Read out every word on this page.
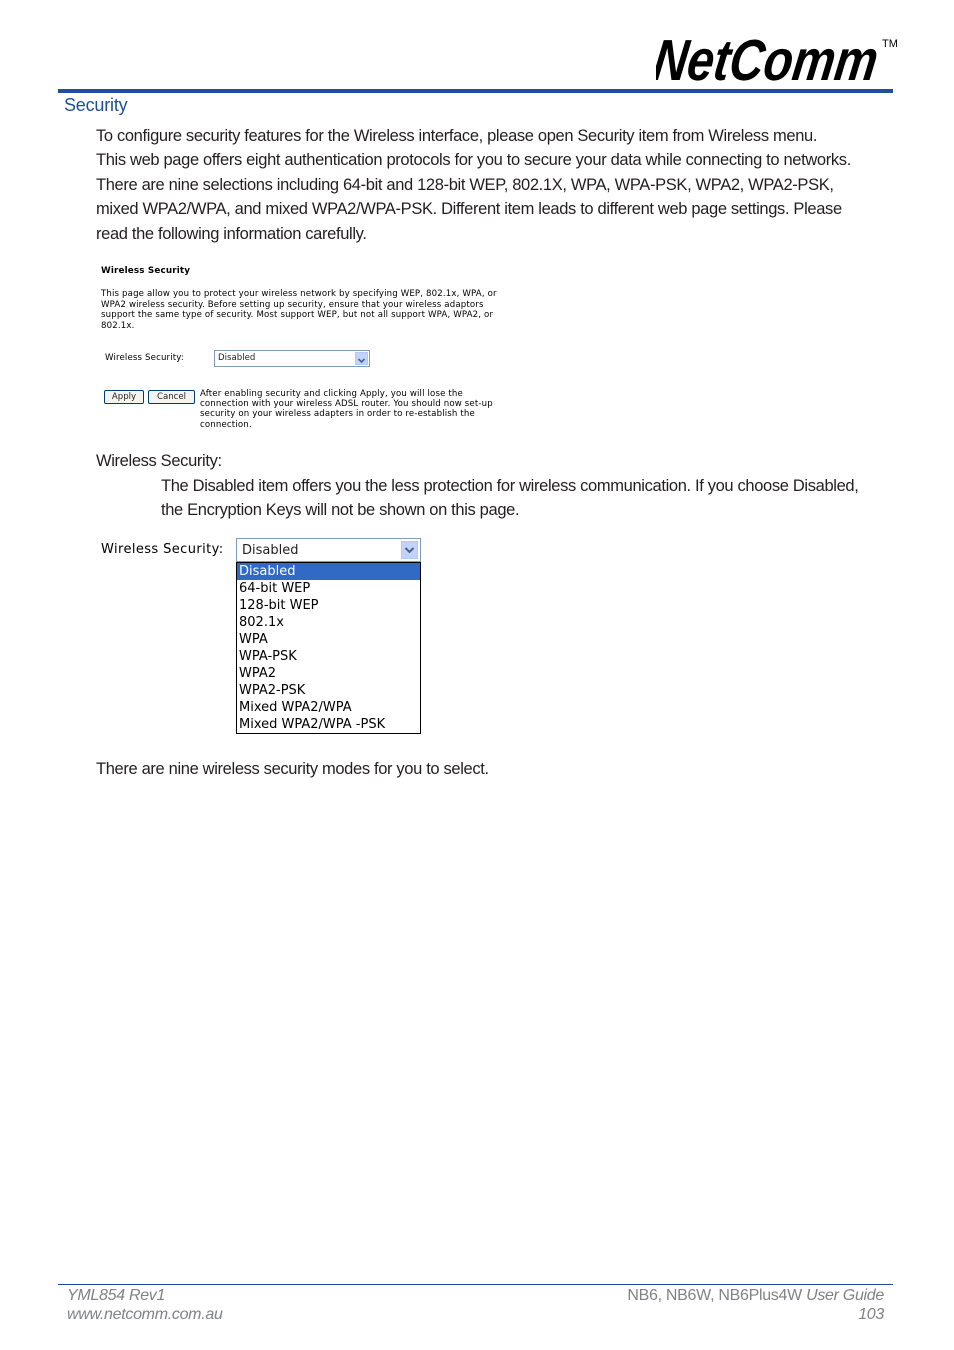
NetComm
TM
Security
To configure security features for the Wireless interface, please open Security item from Wireless menu.
This web page offers eight authentication protocols for you to secure your data while connecting to networks.
There are nine selections including 64-bit and 128-bit WEP, 802.1X, WPA, WPA-PSK, WPA2, WPA2-PSK,
mixed WPA2/WPA, and mixed WPA2/WPA-PSK. Different item leads to different web page settings. Please
read the following information carefully.
Wireless Security
This page allow you to protect your wireless network by specifying WEP, 802.1x, WPA, or
WPA2 wireless security. Before setting up security, ensure that your wireless adaptors
support the same type of security. Most support WEP, but not all support WPA, WPA2, or
802.1x.
Wireless Security:	Disabled
Apply	Cancel	After enabling security and clicking Apply, you will lose the
connection with your wireless ADSL router. You should now set-up
security on your wireless adapters in order to re-establish the
connection.
Wireless Security:
The Disabled item offers you the less protection for wireless communication. If you choose Disabled,
the Encryption Keys will not be shown on this page.
Wireless Security: Disabled
Disabled
64-bit WEP
128-bit WEP
802.1x
WPA
WPA-PSK
WPA2
WPA2-PSK
Mixed WPA2/WPA
Mixed WPA2/WPA -PSK
There are nine wireless security modes for you to select.
YML854 Rev1
www.netcomm.com.au
NB6, NB6W, NB6Plus4W User Guide
103
